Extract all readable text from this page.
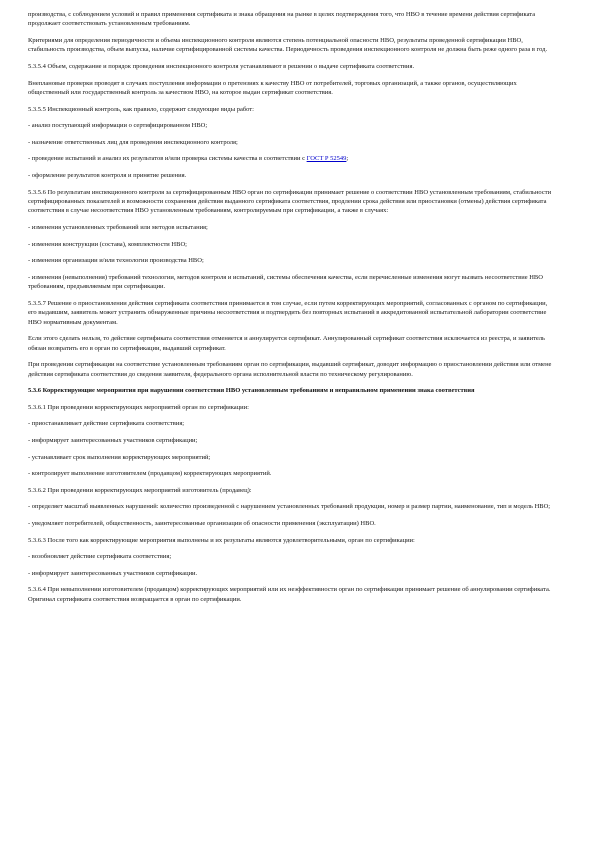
производства, с соблюдением условий и правил применения сертификата и знака обращения на рынке в целях подтверждения того, что НВО в течение времени действия сертификата продолжает соответствовать установленным требованиям.

Критериями для определения периодичности и объема инспекционного контроля являются степень потенциальной опасности НВО, результаты проведенной сертификации НВО, стабильность производства, объем выпуска, наличие сертифицированной системы качества. Периодичность проведения инспекционного контроля не должна быть реже одного раза в год.

5.3.5.4 Объем, содержание и порядок проведения инспекционного контроля устанавливают в решении о выдаче сертификата соответствия.

Внеплановые проверки проводят в случаях поступления информации о претензиях к качеству НВО от потребителей, торговых организаций, а также органов, осуществляющих общественный или государственный контроль за качеством НВО, на которое выдан сертификат соответствия.

5.3.5.5 Инспекционный контроль, как правило, содержит следующие виды работ:

- анализ поступающей информации о сертифицированном НВО;

- назначение ответственных лиц для проведения инспекционного контроля;

- проведение испытаний и анализ их результатов и/или проверка системы качества в соответствии с ГОСТ Р 52549;

- оформление результатов контроля и принятие решения.

5.3.5.6 По результатам инспекционного контроля за сертифицированным НВО орган по сертификации принимает решение о соответствии НВО установленным требованиям, стабильности сертифицированных показателей и возможности сохранения действия выданного сертификата соответствия, продлении срока действия или приостановки (отмены) действия сертификата соответствия в случае несоответствия НВО установленным требованиям, контролируемым при сертификации, а также в случаях:

- изменения установленных требований или методов испытания;

- изменения конструкции (состава), комплектности НВО;

- изменения организации и/или технологии производства НВО;

- изменения (невыполнения) требований технологии, методов контроля и испытаний, системы обеспечения качества, если перечисленные изменения могут вызвать несоответствие НВО требованиям, предъявляемым при сертификации.

5.3.5.7 Решение о приостановлении действия сертификата соответствия принимается в том случае, если путем корректирующих мероприятий, согласованных с органом по сертификации, его выдавшим, заявитель может устранить обнаруженные причины несоответствия и подтвердить без повторных испытаний в аккредитованной испытательной лаборатории соответствие НВО нормативным документам.

Если этого сделать нельзя, то действие сертификата соответствия отменяется и аннулируется сертификат. Аннулированный сертификат соответствия исключается из реестра, и заявитель обязан возвратить его в орган по сертификации, выдавший сертификат.

При проведении сертификации на соответствие установленным требованиям орган по сертификации, выдавший сертификат, доводит информацию о приостановлении действия или отмене действия сертификата соответствия до сведения заявителя, федерального органа исполнительной власти по техническому регулированию.

5.3.6 Корректирующие мероприятия при нарушении соответствия НВО установленным требованиям и неправильном применении знака соответствия

5.3.6.1 При проведении корректирующих мероприятий орган по сертификации:

- приостанавливает действие сертификата соответствия;

- информирует заинтересованных участников сертификации;

- устанавливает срок выполнения корректирующих мероприятий;

- контролирует выполнение изготовителем (продавцом) корректирующих мероприятий.

5.3.6.2 При проведении корректирующих мероприятий изготовитель (продавец):

- определяет масштаб выявленных нарушений: количество произведенной с нарушением установленных требований продукции, номер и размер партии, наименование, тип и модель НВО;

- уведомляет потребителей, общественность, заинтересованные организации об опасности применения (эксплуатации) НВО.

5.3.6.3 После того как корректирующие мероприятия выполнены и их результаты являются удовлетворительными, орган по сертификации:

- возобновляет действие сертификата соответствия;

- информирует заинтересованных участников сертификации.

5.3.6.4 При невыполнении изготовителем (продавцом) корректирующих мероприятий или их неэффективности орган по сертификации принимает решение об аннулировании сертификата. Оригинал сертификата соответствия возвращается в орган по сертификации.
